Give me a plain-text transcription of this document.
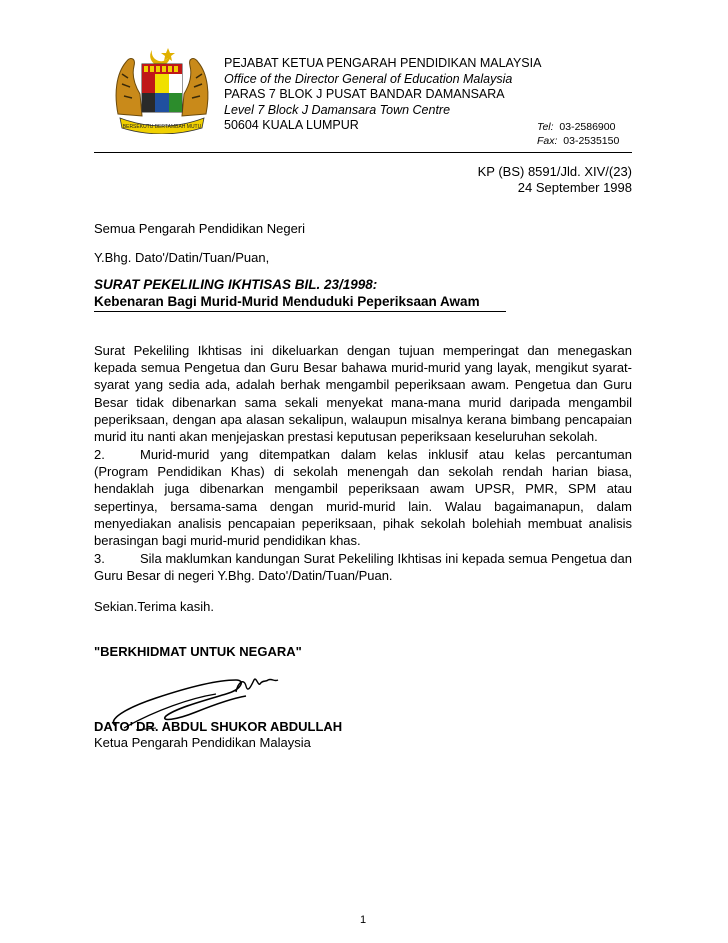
BERSEKUTU BERTAMBAH MUTU
PEJABAT KETUA PENGARAH PENDIDIKAN MALAYSIA
Office of the Director General of Education Malaysia
PARAS 7 BLOK J PUSAT BANDAR DAMANSARA
Level 7 Block J Damansara Town Centre
50604 KUALA LUMPUR	Tel: 03-2586900
Fax: 03-2535150
KP (BS) 8591/Jld. XIV/(23)
24 September 1998
Semua Pengarah Pendidikan Negeri
Y.Bhg. Dato'/Datin/Tuan/Puan,
SURAT PEKELILING IKHTISAS BIL. 23/1998:
Kebenaran Bagi Murid-Murid Menduduki Peperiksaan Awam
Surat Pekeliling Ikhtisas ini dikeluarkan dengan tujuan memperingat dan menegaskan kepada semua Pengetua dan Guru Besar bahawa murid-murid yang layak, mengikut syarat-syarat yang sedia ada, adalah berhak mengambil peperiksaan awam. Pengetua dan Guru Besar tidak dibenarkan sama sekali menyekat mana-mana murid daripada mengambil peperiksaan, dengan apa alasan sekalipun, walaupun misalnya kerana bimbang pencapaian murid itu nanti akan menjejaskan prestasi keputusan peperiksaan keseluruhan sekolah.
2.	Murid-murid yang ditempatkan dalam kelas inklusif atau kelas percantuman (Program Pendidikan Khas) di sekolah menengah dan sekolah rendah harian biasa, hendaklah juga dibenarkan mengambil peperiksaan awam UPSR, PMR, SPM atau sepertinya, bersama-sama dengan murid-murid lain. Walau bagaimanapun, dalam menyediakan analisis pencapaian peperiksaan, pihak sekolah bolehiah membuat analisis berasingan bagi murid-murid pendidikan khas.
3.	Sila maklumkan kandungan Surat Pekeliling Ikhtisas ini kepada semua Pengetua dan Guru Besar di negeri Y.Bhg. Dato'/Datin/Tuan/Puan.
Sekian.Terima kasih.
"BERKHIDMAT UNTUK NEGARA"
DATO’ DR. ABDUL SHUKOR ABDULLAH
Ketua Pengarah Pendidikan Malaysia
1
